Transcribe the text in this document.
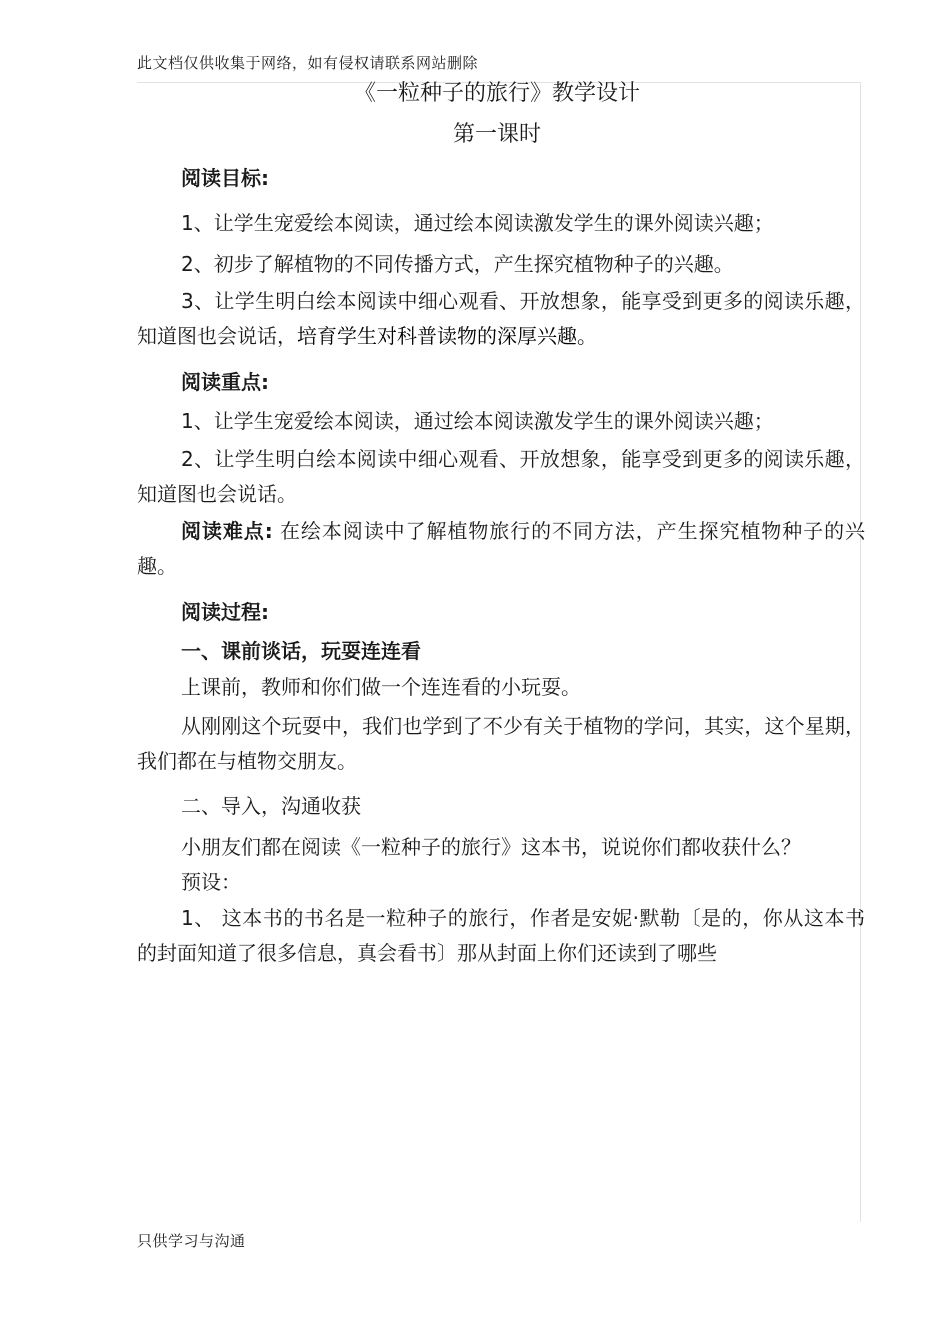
此文档仅供收集于网络，如有侵权请联系网站删除
《一粒种子的旅行》教学设计
第一课时
阅读目标:
1、让学生宠爱绘本阅读，通过绘本阅读激发学生的课外阅读兴趣；
2、初步了解植物的不同传播方式，产生探究植物种子的兴趣。
3、让学生明白绘本阅读中细心观看、开放想象，能享受到更多的阅读乐趣，知道图也会说话，培育学生对科普读物的深厚兴趣。
阅读重点:
1、让学生宠爱绘本阅读，通过绘本阅读激发学生的课外阅读兴趣；
2、让学生明白绘本阅读中细心观看、开放想象，能享受到更多的阅读乐趣，知道图也会说话。
阅读难点: 在绘本阅读中了解植物旅行的不同方法，产生探究植物种子的兴趣。
阅读过程:
一、课前谈话，玩耍连连看
上课前，教师和你们做一个连连看的小玩耍。
从刚刚这个玩耍中，我们也学到了不少有关于植物的学问，其实，这个星期，我们都在与植物交朋友。
二、导入，沟通收获
小朋友们都在阅读《一粒种子的旅行》这本书，说说你们都收获什么？
预设：
1、 这本书的书名是一粒种子的旅行，作者是安妮·默勒〔是的，你从这本书的封面知道了很多信息，真会看书〕那从封面上你们还读到了哪些
只供学习与沟通
